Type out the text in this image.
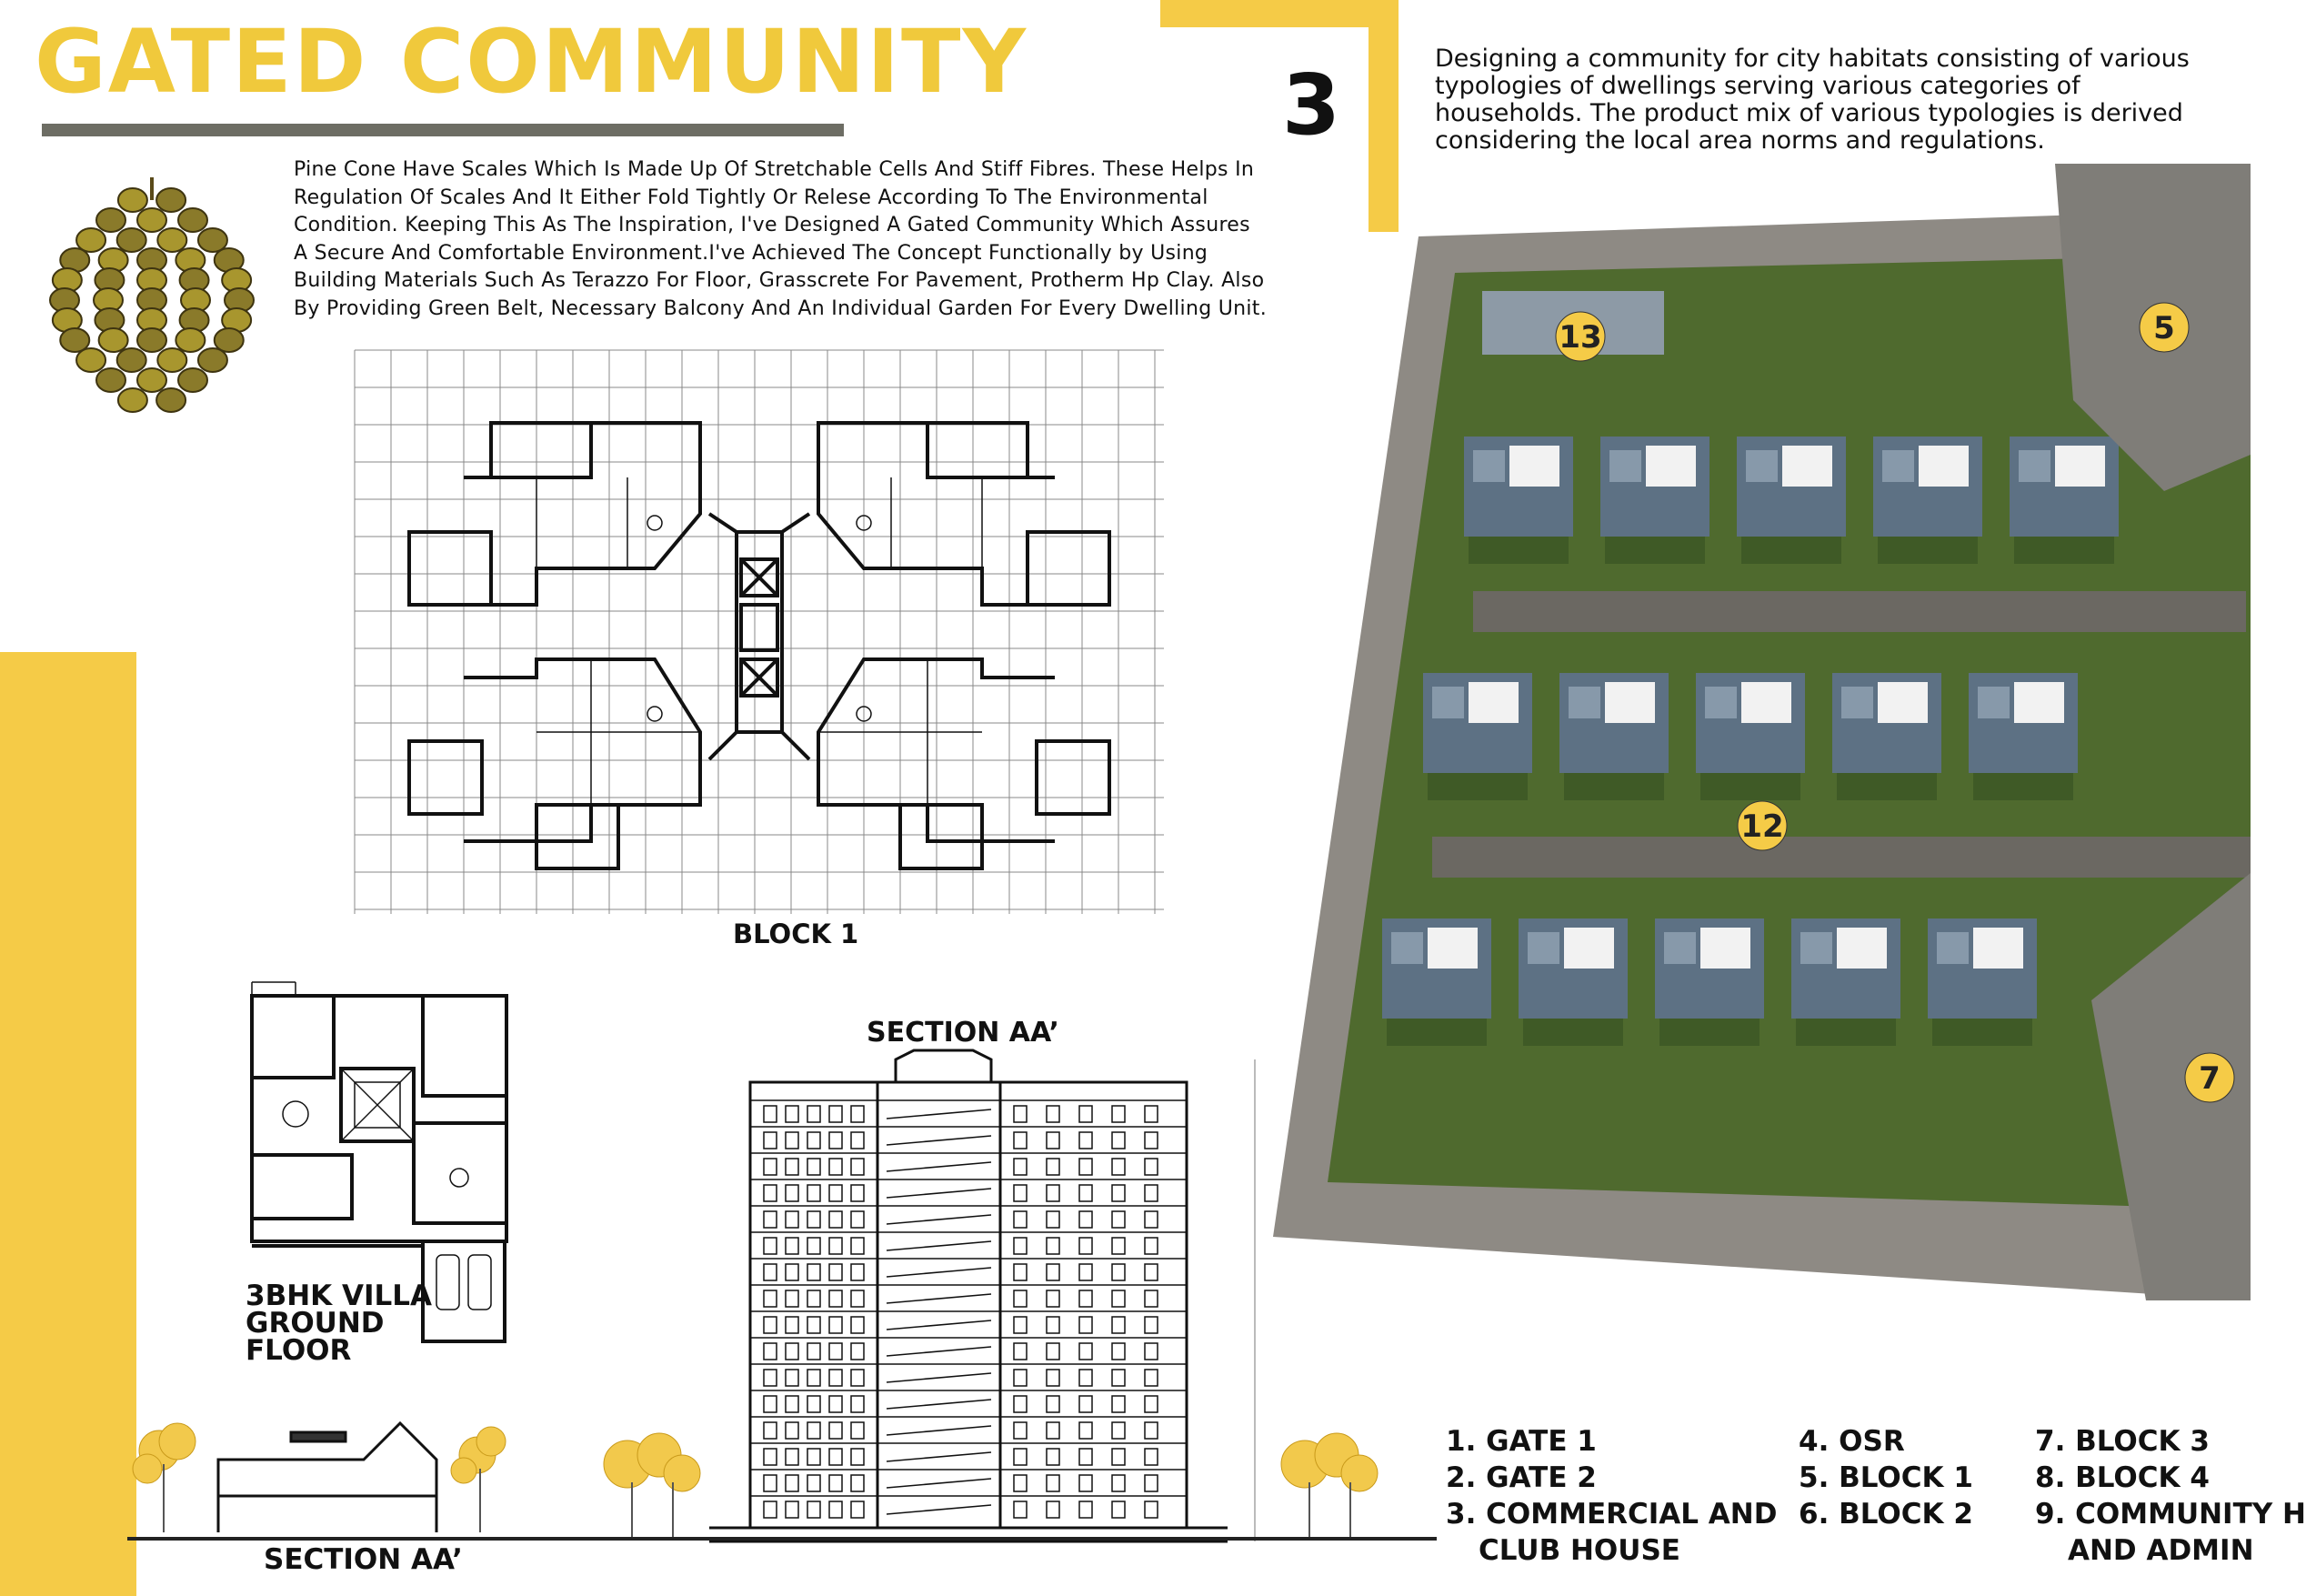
GATED COMMUNITY	3	Designing a community for city habitats consisting of various typologies of dwellings serving various categories of households. The product mix of various typologies is derived considering the local area norms and regulations.
Pine Cone Have Scales Which Is Made Up Of Stretchable Cells And Stiff Fibres. These Helps In Regulation Of Scales And It Either Fold Tightly Or Relese According To The Environmental Condition. Keeping This As The Inspiration, I've Designed A Gated Community Which Assures A Secure And Comfortable Environment.I've Achieved The Concept Functionally by Using Building Materials Such As Terazzo For Floor, Grasscrete For Pavement, Protherm Hp Clay. Also By Providing Green Belt, Necessary Balcony And An Individual Garden For Every Dwelling Unit.
BLOCK 1
3BHK VILLA
GROUND
FLOOR
SECTION AA’
SECTION AA’
13	5
12
7
1. GATE 1
2. GATE 2
3. COMMERCIAL AND
CLUB HOUSE
4. OSR
5. BLOCK 1
6. BLOCK 2
7. BLOCK 3
8. BLOCK 4
9. COMMUNITY H
AND ADMIN
